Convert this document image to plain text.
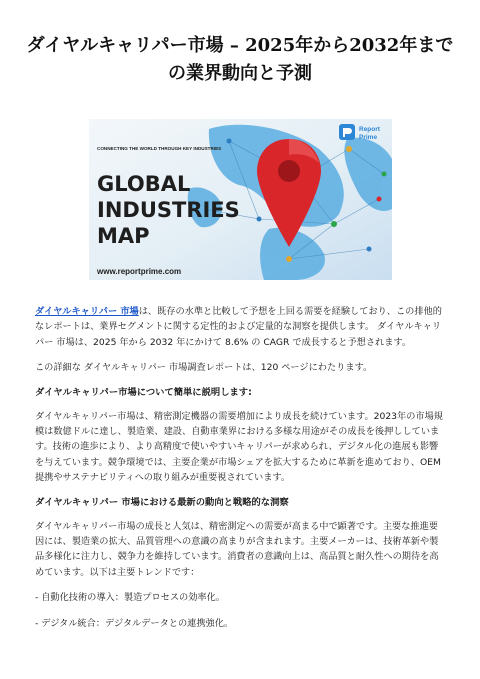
ダイヤルキャリパー市場 – 2025年から2032年までの業界動向と予測
Report
Prime
CONNECTING THE WORLD THROUGH KEY INDUSTRIES
GLOBAL
INDUSTRIES
MAP
www.reportprime.com

ダイヤルキャリパー 市場は、既存の水準と比較して予想を上回る需要を経験しており、この排他的なレポートは、業界セグメントに関する定性的および定量的な洞察を提供します。 ダイヤルキャリパー 市場は、2025 年から 2032 年にかけて 8.6% の CAGR で成長すると予想されます。

この詳細な ダイヤルキャリパー 市場調査レポートは、120 ページにわたります。

ダイヤルキャリパー市場について簡単に説明します:

ダイヤルキャリパー市場は、精密測定機器の需要増加により成長を続けています。2023年の市場規模は数億ドルに達し、製造業、建設、自動車業界における多様な用途がその成長を後押ししています。技術の進歩により、より高精度で使いやすいキャリパーが求められ、デジタル化の進展も影響を与えています。競争環境では、主要企業が市場シェアを拡大するために革新を進めており、OEM提携やサステナビリティへの取り組みが重要視されています。

ダイヤルキャリパー 市場における最新の動向と戦略的な洞察

ダイヤルキャリパー市場の成長と人気は、精密測定への需要が高まる中で顕著です。主要な推進要因には、製造業の拡大、品質管理への意識の高まりが含まれます。主要メーカーは、技術革新や製品多様化に注力し、競争力を維持しています。消費者の意識向上は、高品質と耐久性への期待を高めています。以下は主要トレンドです：

- 自動化技術の導入：製造プロセスの効率化。

- デジタル統合：デジタルデータとの連携強化。
